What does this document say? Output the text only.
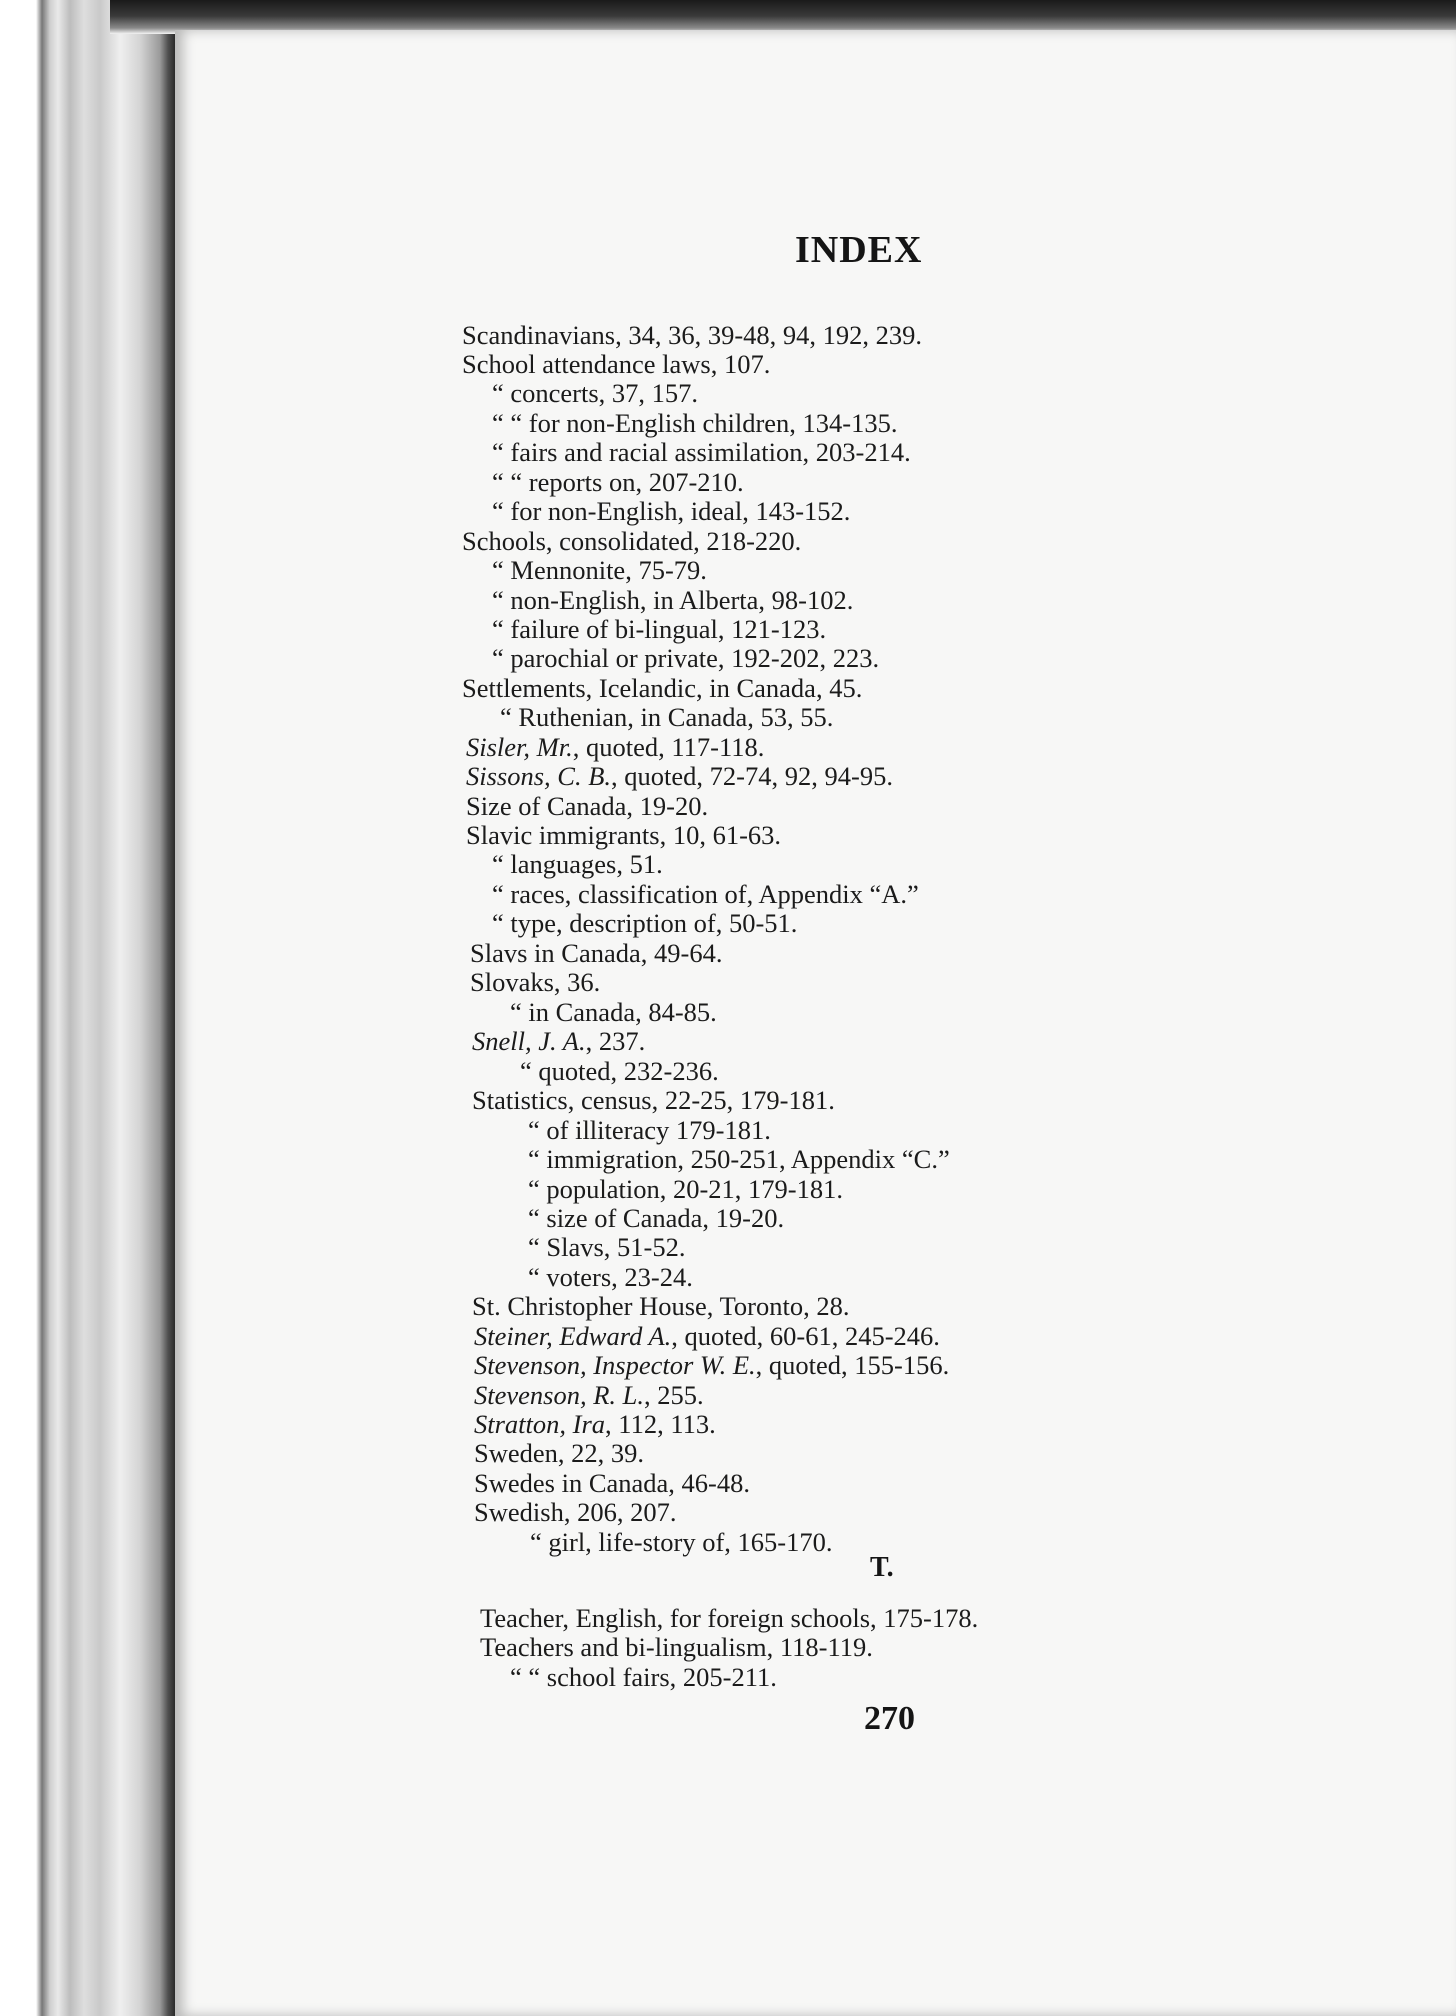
INDEX
Scandinavians, 34, 36, 39-48, 94, 192, 239.
School attendance laws, 107.
“ concerts, 37, 157.
“ “ for non-English children, 134-135.
“ fairs and racial assimilation, 203-214.
“ “ reports on, 207-210.
“ for non-English, ideal, 143-152.
Schools, consolidated, 218-220.
“ Mennonite, 75-79.
“ non-English, in Alberta, 98-102.
“ failure of bi-lingual, 121-123.
“ parochial or private, 192-202, 223.
Settlements, Icelandic, in Canada, 45.
“ Ruthenian, in Canada, 53, 55.
Sisler, Mr., quoted, 117-118.
Sissons, C. B., quoted, 72-74, 92, 94-95.
Size of Canada, 19-20.
Slavic immigrants, 10, 61-63.
“ languages, 51.
“ races, classification of, Appendix “A.”
“ type, description of, 50-51.
Slavs in Canada, 49-64.
Slovaks, 36.
“ in Canada, 84-85.
Snell, J. A., 237.
“ quoted, 232-236.
Statistics, census, 22-25, 179-181.
“ of illiteracy 179-181.
“ immigration, 250-251, Appendix “C.”
“ population, 20-21, 179-181.
“ size of Canada, 19-20.
“ Slavs, 51-52.
“ voters, 23-24.
St. Christopher House, Toronto, 28.
Steiner, Edward A., quoted, 60-61, 245-246.
Stevenson, Inspector W. E., quoted, 155-156.
Stevenson, R. L., 255.
Stratton, Ira, 112, 113.
Sweden, 22, 39.
Swedes in Canada, 46-48.
Swedish, 206, 207.
“ girl, life-story of, 165-170.
T.
Teacher, English, for foreign schools, 175-178.
Teachers and bi-lingualism, 118-119.
“ “ school fairs, 205-211.
270
